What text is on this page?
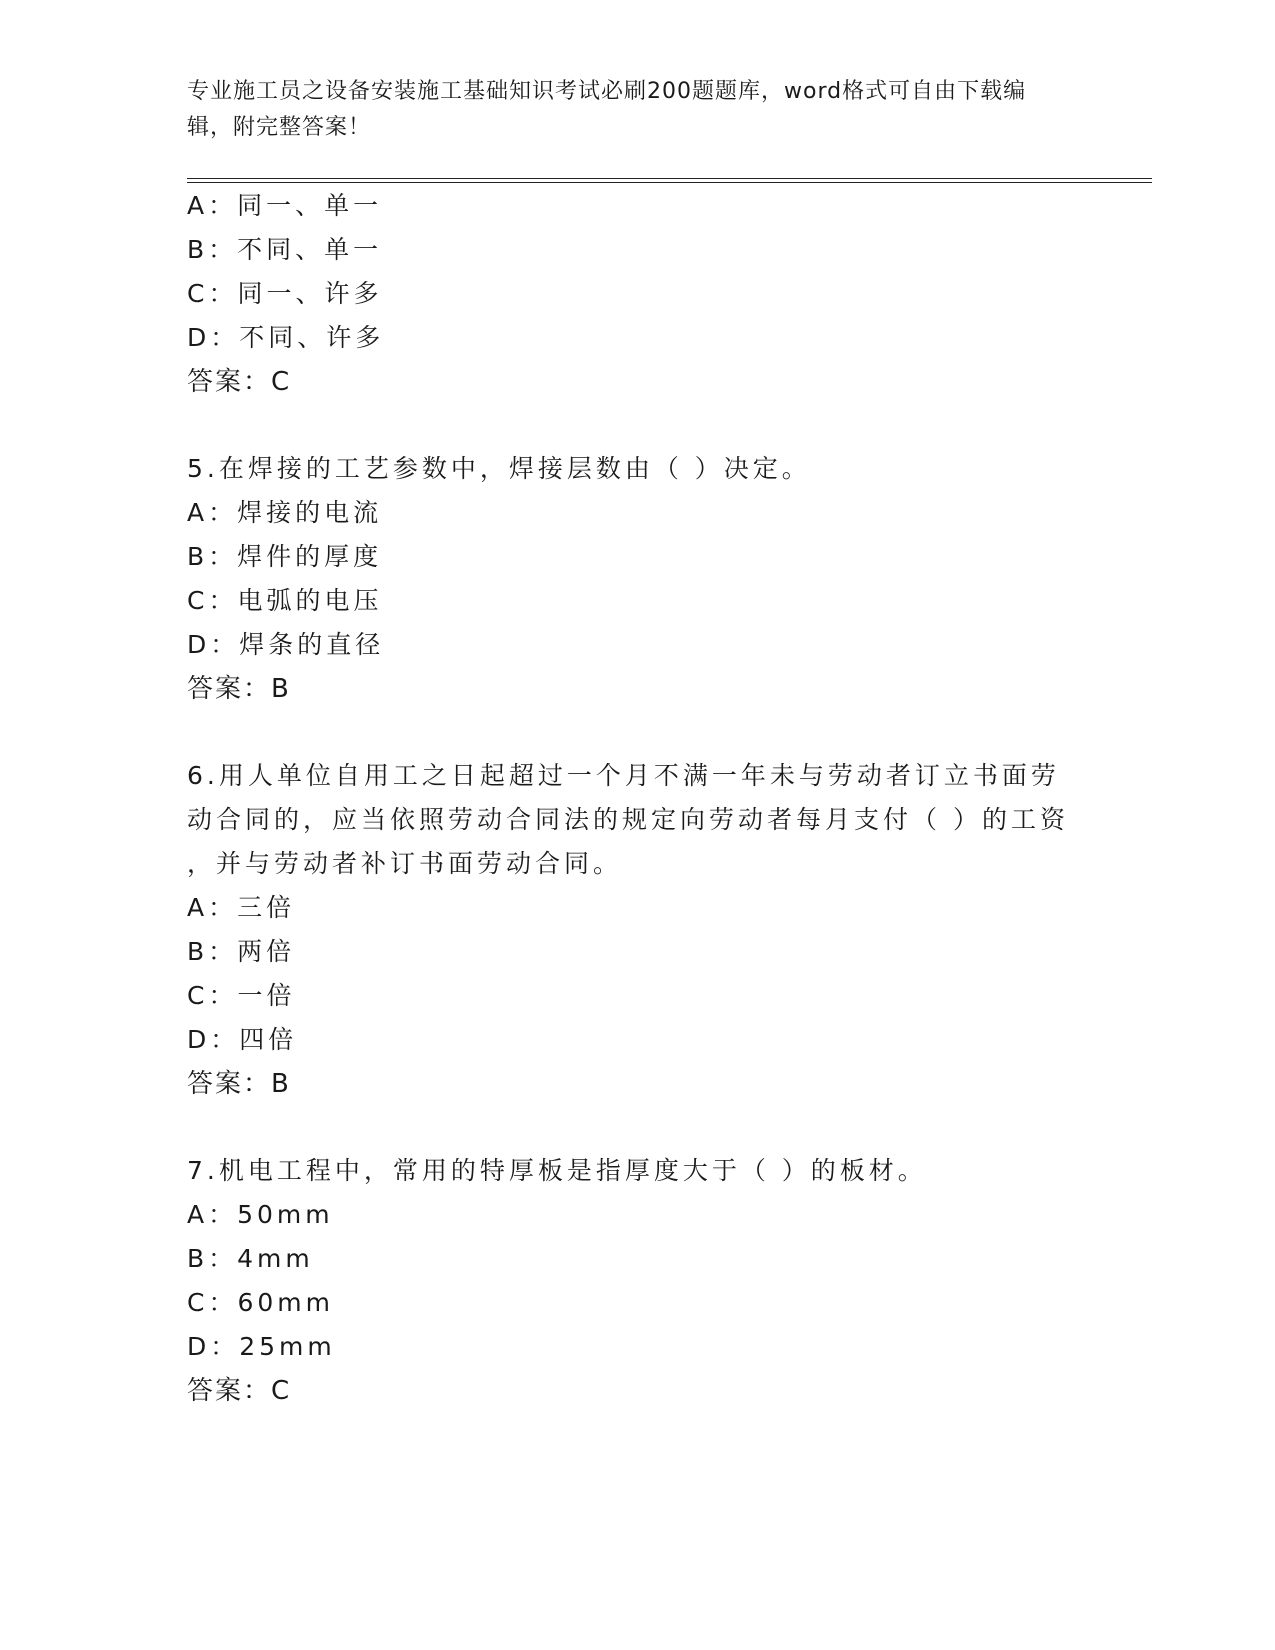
专业施工员之设备安装施工基础知识考试必刷200题题库，word格式可自由下载编辑，附完整答案！
A：同一、单一
B：不同、单一
C：同一、许多
D：不同、许多
答案：C
5.在焊接的工艺参数中，焊接层数由（ ）决定。
A：焊接的电流
B：焊件的厚度
C：电弧的电压
D：焊条的直径
答案：B
6.用人单位自用工之日起超过一个月不满一年未与劳动者订立书面劳
动合同的，应当依照劳动合同法的规定向劳动者每月支付（ ）的工资
，并与劳动者补订书面劳动合同。
A：三倍
B：两倍
C：一倍
D：四倍
答案：B
7.机电工程中，常用的特厚板是指厚度大于（ ）的板材。
A：50mm
B：4mm
C：60mm
D：25mm
答案：C
